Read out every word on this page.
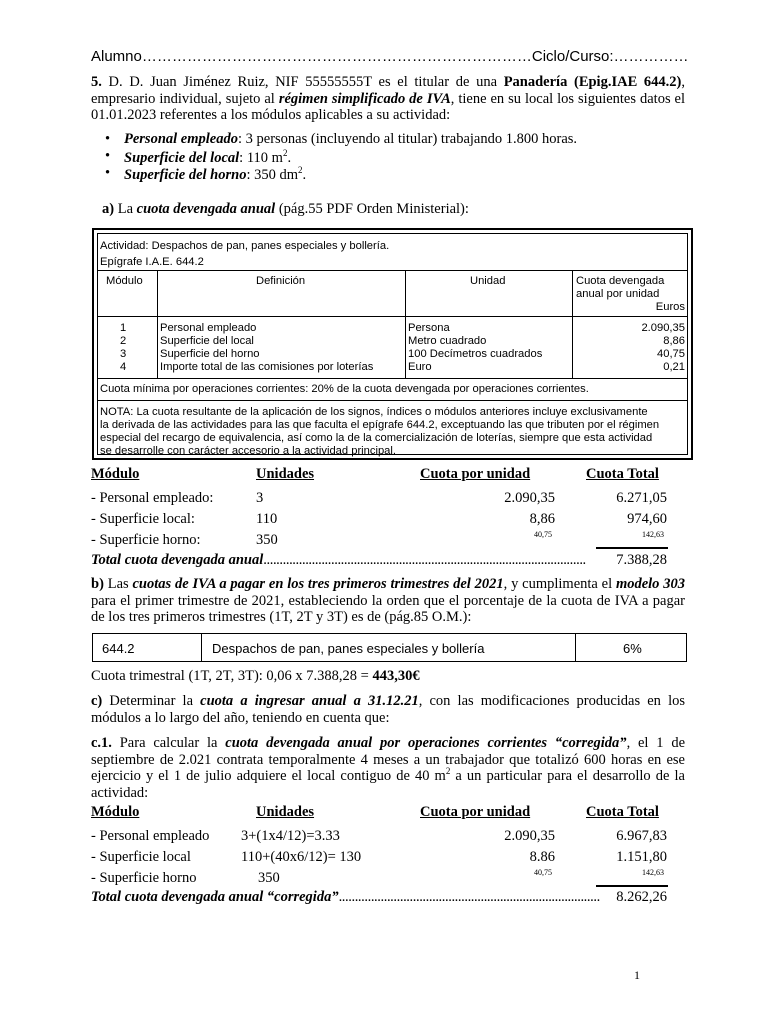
Alumno……………………………………………………………………Ciclo/Curso:……………
5. D. D. Juan Jiménez Ruiz, NIF 55555555T es el titular de una Panadería (Epig.IAE 644.2), empresario individual, sujeto al régimen simplificado de IVA, tiene en su local los siguientes datos el 01.01.2023 referentes a los módulos aplicables a su actividad:
• Personal empleado: 3 personas (incluyendo al titular) trabajando 1.800 horas.
• Superficie del local: 110 $m^2$.
• Superficie del horno: 350 $dm^2$.
a) La cuota devengada anual (pág.55 PDF Orden Ministerial):
Actividad: Despachos de pan, panes especiales y bollería.
Epígrafe I.A.E. 644.2
Módulo	Definición	Unidad	Cuota devengada
anual por unidad
Euros
1	Personal empleado	Persona	2.090,35
2	Superficie del local	Metro cuadrado	8,86
3	Superficie del horno	100 Decímetros cuadrados	40,75
4	Importe total de las comisiones por loterías	Euro	0,21
Cuota mínima por operaciones corrientes: 20% de la cuota devengada por operaciones corrientes.
NOTA: La cuota resultante de la aplicación de los signos, índices o módulos anteriores incluye exclusivamente
la derivada de las actividades para las que faculta el epígrafe 644.2, exceptuando las que tributen por el régimen
especial del recargo de equivalencia, así como la de la comercialización de loterías, siempre que esta actividad
se desarrolle con carácter accesorio a la actividad principal.
Módulo	Unidades	Cuota por unidad	Cuota Total
- Personal empleado:	3	2.090,35	6.271,05
- Superficie local:	110	8,86	974,60
- Superficie horno:	350	40,75	142,63
Total cuota devengada anual.................................................................................................... 7.388,28
b) Las cuotas de IVA a pagar en los tres primeros trimestres del 2021, y cumplimenta el modelo 303 para el primer trimestre de 2021, estableciendo la orden que el porcentaje de la cuota de IVA a pagar de los tres primeros trimestres (1T, 2T y 3T) es de (pág.85 O.M.):
644.2	Despachos de pan, panes especiales y bollería	6%
Cuota trimestral (1T, 2T, 3T): 0,06 x 7.388,28 = 443,30€
c) Determinar la cuota a ingresar anual a 31.12.21, con las modificaciones producidas en los módulos a lo largo del año, teniendo en cuenta que:
c.1. Para calcular la cuota devengada anual por operaciones corrientes “corregida”, el 1 de septiembre de 2.021 contrata temporalmente 4 meses a un trabajador que totalizó 600 horas en ese ejercicio y el 1 de julio adquiere el local contiguo de 40 $m^2$ a un particular para el desarrollo de la actividad:
Módulo	Unidades	Cuota por unidad	Cuota Total
- Personal empleado 3+(1x4/12)=3.33	2.090,35	6.967,83
- Superficie local	110+(40x6/12)= 130	8.86	1.151,80
- Superficie horno	350	40,75	142,63
Total cuota devengada anual “corregida”................................................................................. 8.262,26
1
